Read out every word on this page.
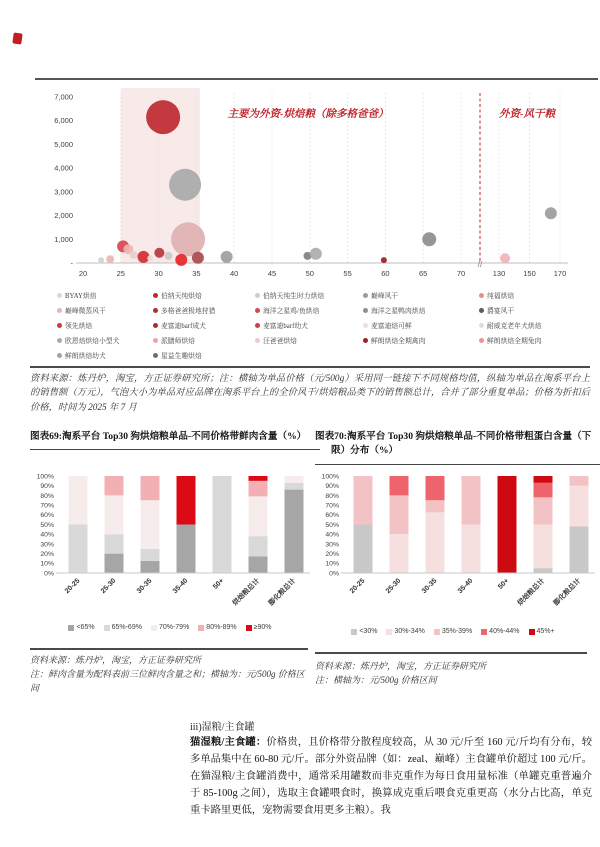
//
7,000
6,000
5,000
4,000
3,000
2,000
1,000
-
20	25	30	35	40	45	50	55	60	65	70	130 150 170
主要为外资-烘焙粮（除多格爸爸）	外资-风干粮
BYAY烘焙	伯纳天纯烘焙	伯纳天纯生时力烘焙	巅峰风干	纯福烘焙
巅峰微蒸风干	多格爸爸极地狩猎	海洋之星鸡/鱼烘焙	海洋之星鸭肉烘焙	爵宴风干
领先烘焙	麦富迪barf成犬	麦富迪barf幼犬	麦富迪焙可鲜	耐威克老年犬烘焙
欧恩焙烘焙小型犬	派膳师烘焙	汪爸爸烘焙	鲜朗烘焙全期禽肉	鲜朗烘焙全期兔肉
鲜朗烘焙幼犬	星益生趣烘焙
资料来源：炼丹炉，淘宝，方正证券研究所；注：横轴为单品价格（元/500g）采用同一链接下不同规格均值，纵轴为单品在淘系平台上的销售额（万元），气泡大小为单品对应品牌在淘系平台上的全价风干/烘焙粮品类下的销售额总计，合并了部分重复单品；价格为折扣后价格，时间为 2025 年 7 月
图表69:淘系平台 Top30 狗烘焙粮单品-不同价格带鲜肉含量（%） 图表70:淘系平台 Top30 狗烘焙粮单品-不同价格带粗蛋白含量（下限）分布（%）
0%
10%
20%
30%
40%
50%
60%
70%
80%
90%
100%
20-25	25-30	30-35	35-40	50+ 烘焙粮总计 膨化粮总计
0%
10%
20%
30%
40%
50%
60%
70%
80%
90%
100%
20-25	25-30	30-35	35-40	50+ 烘焙粮总计 膨化粮总计
<65% 65%-69% 70%-79% 80%-89% ≥90%
<30% 30%-34% 35%-39% 40%-44% 45%+
资料来源：炼丹炉，淘宝，方正证券研究所
注：鲜肉含量为配料表前三位鲜肉含量之和；横轴为：元/500g 价格区间
资料来源：炼丹炉，淘宝，方正证券研究所
注：横轴为：元/500g 价格区间
iii)湿粮/主食罐
猫湿粮/主食罐：价格贵，且价格带分散程度较高，从 30 元/斤至 160 元/斤均有分布，较多单品集中在 60-80 元/斤。部分外资品牌（如：zeal、巅峰）主食罐单价超过 100 元/斤。在猫湿粮/主食罐消费中，通常采用罐数而非克重作为每日食用量标准（单罐克重普遍介于 85-100g 之间），选取主食罐喂食时，换算成克重后喂食克重更高（水分占比高，单克重卡路里更低，宠物需要食用更多主粮）。我
